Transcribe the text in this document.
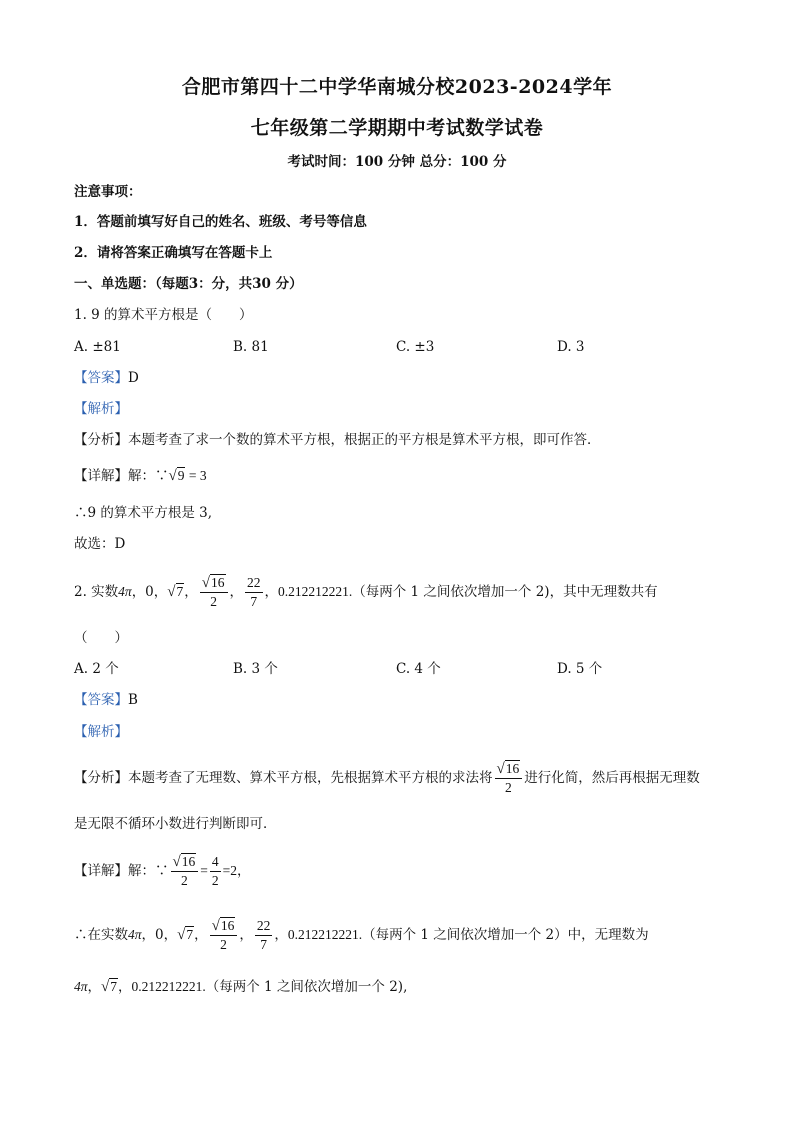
合肥市第四十二中学华南城分校2023-2024学年
七年级第二学期期中考试数学试卷
考试时间：100 分钟 总分：100 分
注意事项：
1．答题前填写好自己的姓名、班级、考号等信息
2．请将答案正确填写在答题卡上
一、单选题：（每题3：分，共30 分）
1. 9 的算术平方根是（　　）
A. ±81	B. 81	C. ±3	D. 3
【答案】D
【解析】
【分析】本题考查了求一个数的算术平方根，根据正的平方根是算术平方根，即可作答．
【详解】解：∵√9 = 3
∴9 的算术平方根是 3,
故选：D
2. 实数4π，0，√7， $\frac{√16}{2}$ ， $\frac{22}{7}$ ，0.212212221.（每两个 1 之间依次增加一个 2)，其中无理数共有
（　　）
A. 2 个	B. 3 个	C. 4 个	D. 5 个
【答案】B
【解析】
【分析】本题考查了无理数、算术平方根，先根据算术平方根的求法将 $\frac{√16}{2}$ 进行化简，然后再根据无理数
是无限不循环小数进行判断即可．
【详解】解：∵ $\frac{√16}{2} = \frac{4}{2} =2$，
∴在实数4π，0，√7， $\frac{√16}{2}$ ， $\frac{22}{7}$ ，0.212212221.（每两个 1 之间依次增加一个 2）中，无理数为
4π，√7，0.212212221.（每两个 1 之间依次增加一个 2),
